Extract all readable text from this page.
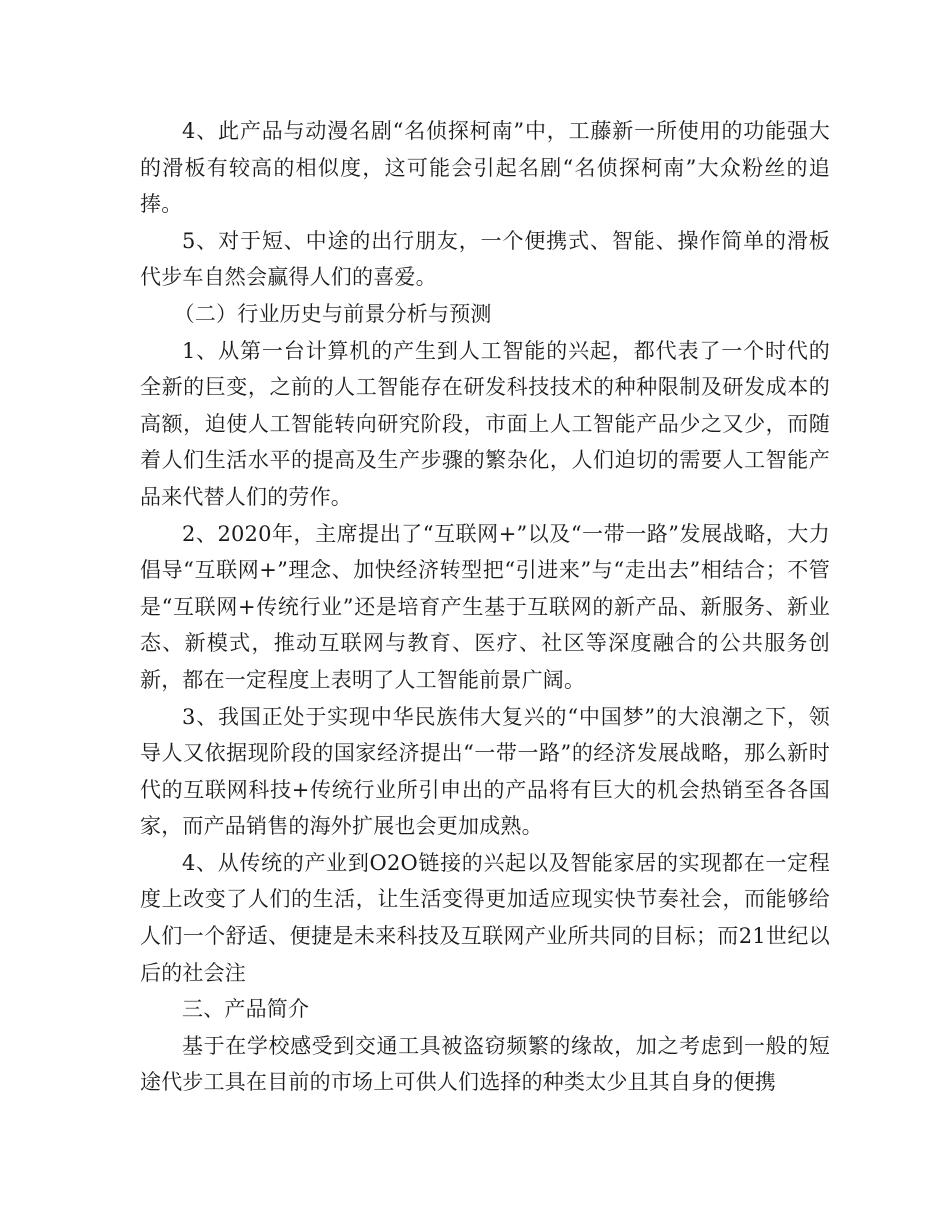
4、此产品与动漫名剧“名侦探柯南”中，工藤新一所使用的功能强大的滑板有较高的相似度，这可能会引起名剧“名侦探柯南”大众粉丝的追捧。

5、对于短、中途的出行朋友，一个便携式、智能、操作简单的滑板代步车自然会赢得人们的喜爱。

（二）行业历史与前景分析与预测

1、从第一台计算机的产生到人工智能的兴起，都代表了一个时代的全新的巨变，之前的人工智能存在研发科技技术的种种限制及研发成本的高额，迫使人工智能转向研究阶段，市面上人工智能产品少之又少，而随着人们生活水平的提高及生产步骤的繁杂化，人们迫切的需要人工智能产品来代替人们的劳作。

2、2020年，主席提出了“互联网+”以及“一带一路”发展战略，大力倡导“互联网+”理念、加快经济转型把“引进来”与“走出去”相结合；不管是“互联网+传统行业”还是培育产生基于互联网的新产品、新服务、新业态、新模式，推动互联网与教育、医疗、社区等深度融合的公共服务创新，都在一定程度上表明了人工智能前景广阔。

3、我国正处于实现中华民族伟大复兴的“中国梦”的大浪潮之下，领导人又依据现阶段的国家经济提出“一带一路”的经济发展战略，那么新时代的互联网科技+传统行业所引申出的产品将有巨大的机会热销至各各国家，而产品销售的海外扩展也会更加成熟。

4、从传统的产业到O2O链接的兴起以及智能家居的实现都在一定程度上改变了人们的生活，让生活变得更加适应现实快节奏社会，而能够给人们一个舒适、便捷是未来科技及互联网产业所共同的目标；而21世纪以后的社会注

三、产品简介

基于在学校感受到交通工具被盗窃频繁的缘故，加之考虑到一般的短途代步工具在目前的市场上可供人们选择的种类太少且其自身的便携
